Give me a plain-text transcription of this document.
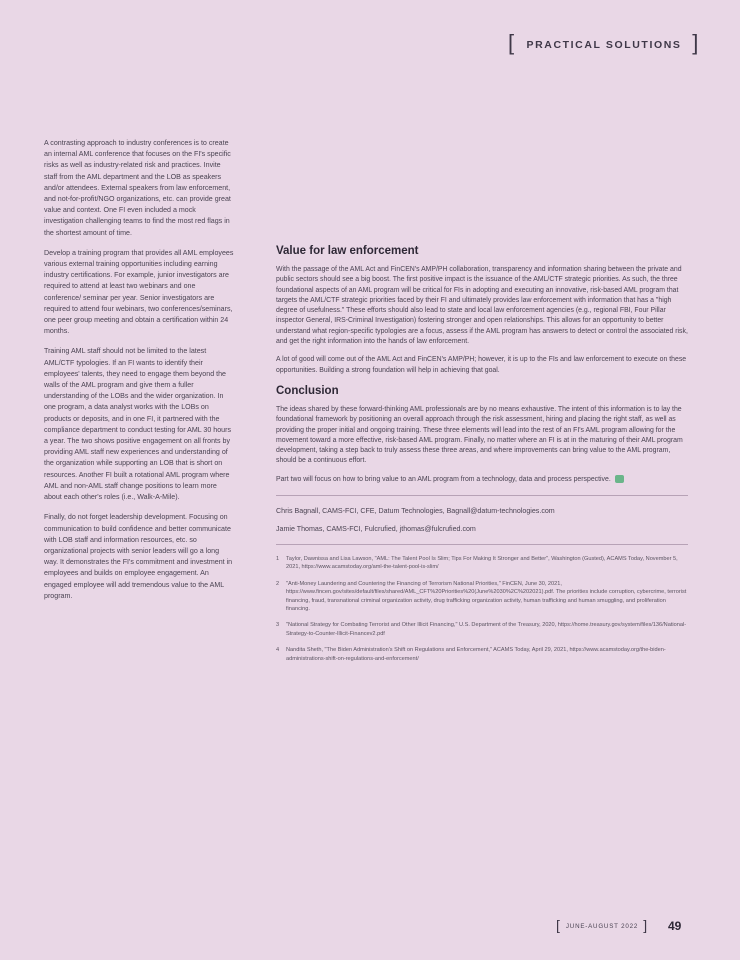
[ PRACTICAL SOLUTIONS ]

A contrasting approach to industry conferences is to create an internal AML conference that focuses on the FI's specific risks as well as industry-related risk and practices. Invite staff from the AML department and the LOB as speakers and/or attendees. External speakers from law enforcement, and not-for-profit/NGO organizations, etc. can provide great value and context. One FI even included a mock investigation challenging teams to find the most red flags in the shortest amount of time.

Develop a training program that provides all AML employees various external training opportunities including earning industry certifications. For example, junior investigators are required to attend at least two webinars and one conference/ seminar per year. Senior investigators are required to attend four webinars, two conferences/seminars, one peer group meeting and obtain a certification within 24 months.

Training AML staff should not be limited to the latest AML/CTF typologies. If an FI wants to identify their employees' talents, they need to engage them beyond the walls of the AML program and give them a fuller understanding of the LOBs and the wider organization. In one program, a data analyst works with the LOBs on products or deposits, and in one FI, it partnered with the compliance department to conduct testing for AML 30 hours a year. The two shows positive engagement on all fronts by providing AML staff new experiences and understanding of the organization while supporting an LOB that is short on resources. Another FI built a rotational AML program where AML and non-AML staff change positions to learn more about each other's roles (i.e., Walk-A-Mile).

Finally, do not forget leadership development. Focusing on communication to build confidence and better communicate with LOB staff and information resources, etc. so organizational projects with senior leaders will go a long way. It demonstrates the FI's commitment and investment in employees and builds on employee engagement. An engaged employee will add tremendous value to the AML program.

Value for law enforcement

With the passage of the AML Act and FinCEN's AMP/PH collaboration, transparency and information sharing between the private and public sectors should see a big boost. The first positive impact is the issuance of the AML/CTF strategic priorities. As such, the three foundational aspects of an AML program will be critical for FIs in adopting and executing an innovative, risk-based AML program that targets the AML/CTF strategic priorities faced by their FI and ultimately provides law enforcement with information that has a "high degree of usefulness." These efforts should also lead to state and local law enforcement agencies (e.g., regional FBI, Four Pillar inspector General, IRS-Criminal Investigation) fostering stronger and open relationships. This allows for an opportunity to better understand what region-specific typologies are a focus, assess if the AML program has answers to detect or control the associated risk, and get the right information into the hands of law enforcement.

A lot of good will come out of the AML Act and FinCEN's AMP/PH; however, it is up to the FIs and law enforcement to execute on these opportunities. Building a strong foundation will help in achieving that goal.

Conclusion

The ideas shared by these forward-thinking AML professionals are by no means exhaustive. The intent of this information is to lay the foundational framework by positioning an overall approach through the risk assessment, hiring and placing the right staff, as well as providing the proper initial and ongoing training. These three elements will lead into the rest of an FI's AML program allowing for the movement toward a more effective, risk-based AML program. Finally, no matter where an FI is at in the maturing of their AML program development, taking a step back to truly assess these three areas, and where improvements can bring value to the AML program, should be a continuous effort.

Part two will focus on how to bring value to an AML program from a technology, data and process perspective.

Chris Bagnall, CAMS-FCI, CFE, Datum Technologies, Bagnall@datum-technologies.com

Jamie Thomas, CAMS-FCI, Fulcrufied, jthomas@fulcrufied.com

1	Taylor, Dawnissa and Lisa Lawson, "AML: The Talent Pool Is Slim; Tips For Making It Stronger and Better", Washington (Gusted), ACAMS Today, November 5, 2021, https://www.acamstoday.org/aml-the-talent-pool-is-slim/
2	"Anti-Money Laundering and Countering the Financing of Terrorism National Priorities," FinCEN, June 30, 2021, https://www.fincen.gov/sites/default/files/shared/AML_CFT%20Priorities%20(June%2030%2C%202021).pdf. The priorities include corruption, cybercrime, terrorist financing, fraud, transnational criminal organization activity, drug trafficking organization activity, human trafficking and human smuggling, and proliferation financing.
3	"National Strategy for Combating Terrorist and Other Illicit Financing," U.S. Department of the Treasury, 2020, https://home.treasury.gov/system/files/136/National-Strategy-to-Counter-Illicit-Financev2.pdf
4	Nandita Sheth, "The Biden Administration's Shift on Regulations and Enforcement," ACAMS Today, April 29, 2021, https://www.acamstoday.org/the-biden-administrations-shift-on-regulations-and-enforcement/
[ JUNE-AUGUST 2022 ] 49
